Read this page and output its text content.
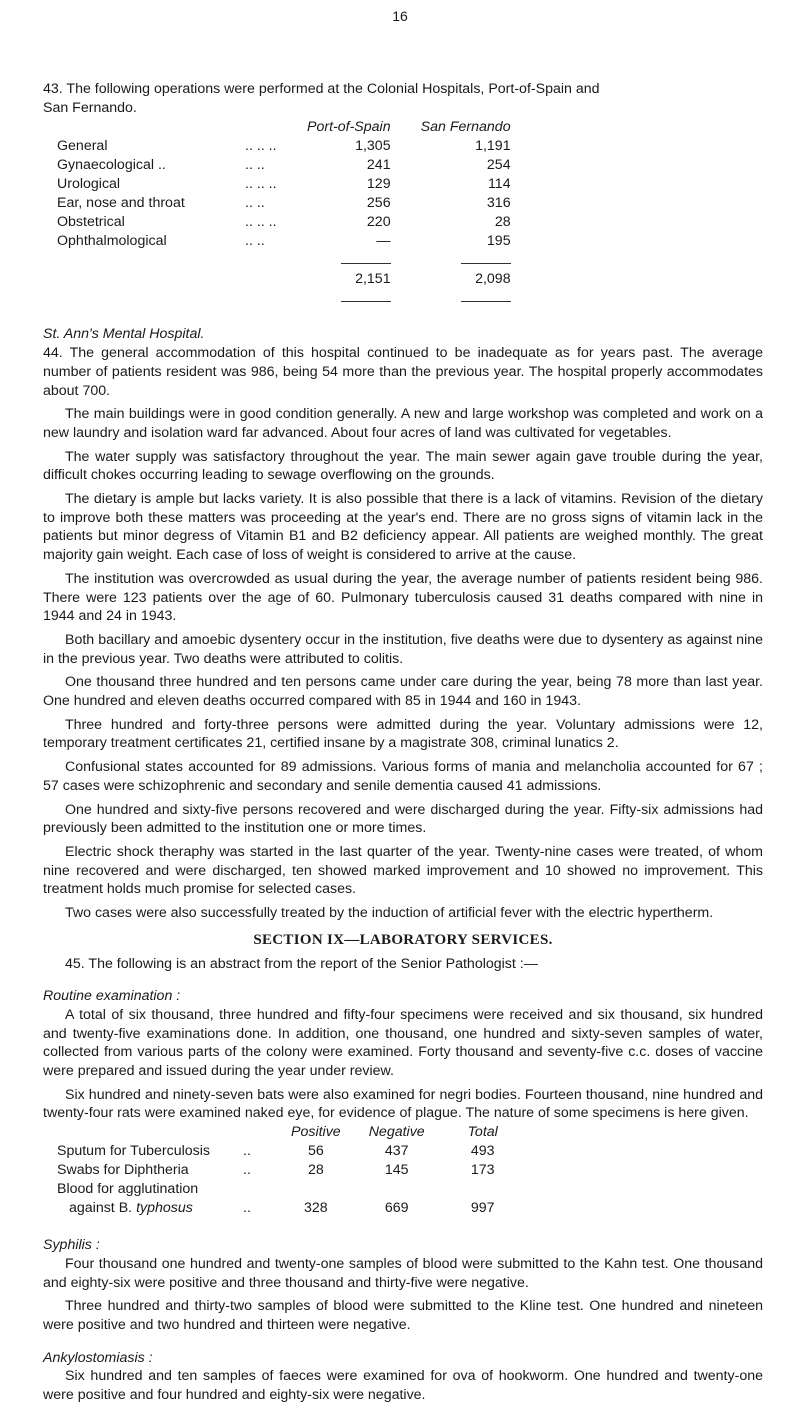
16

43. The following operations were performed at the Colonial Hospitals, Port-of-Spain and
San Fernando.

		Port-of-Spain	San Fernando
General	.. .. ..	1,305	1,191
Gynaecological ..	.. ..	241	254
Urological	.. .. ..	129	114
Ear, nose and throat	.. ..	256	316
Obstetrical	.. .. ..	220	28
Ophthalmological	.. ..	—	195

		2,151	2,098

St. Ann's Mental Hospital.

44. The general accommodation of this hospital continued to be inadequate as for years past. The average number of patients resident was 986, being 54 more than the previous year. The hospital properly accommodates about 700.

The main buildings were in good condition generally. A new and large workshop was completed and work on a new laundry and isolation ward far advanced. About four acres of land was cultivated for vegetables.

The water supply was satisfactory throughout the year. The main sewer again gave trouble during the year, difficult chokes occurring leading to sewage overflowing on the grounds.

The dietary is ample but lacks variety. It is also possible that there is a lack of vitamins. Revision of the dietary to improve both these matters was proceeding at the year's end. There are no gross signs of vitamin lack in the patients but minor degress of Vitamin B1 and B2 deficiency appear. All patients are weighed monthly. The great majority gain weight. Each case of loss of weight is considered to arrive at the cause.

The institution was overcrowded as usual during the year, the average number of patients resident being 986. There were 123 patients over the age of 60. Pulmonary tuberculosis caused 31 deaths compared with nine in 1944 and 24 in 1943.

Both bacillary and amoebic dysentery occur in the institution, five deaths were due to dysentery as against nine in the previous year. Two deaths were attributed to colitis.

One thousand three hundred and ten persons came under care during the year, being 78 more than last year. One hundred and eleven deaths occurred compared with 85 in 1944 and 160 in 1943.

Three hundred and forty-three persons were admitted during the year. Voluntary admissions were 12, temporary treatment certificates 21, certified insane by a magistrate 308, criminal lunatics 2.

Confusional states accounted for 89 admissions. Various forms of mania and melancholia accounted for 67 ; 57 cases were schizophrenic and secondary and senile dementia caused 41 admissions.

One hundred and sixty-five persons recovered and were discharged during the year. Fifty-six admissions had previously been admitted to the institution one or more times.

Electric shock theraphy was started in the last quarter of the year. Twenty-nine cases were treated, of whom nine recovered and were discharged, ten showed marked improvement and 10 showed no improvement. This treatment holds much promise for selected cases.

Two cases were also successfully treated by the induction of artificial fever with the electric hypertherm.

SECTION IX—LABORATORY SERVICES.

45. The following is an abstract from the report of the Senior Pathologist :—

Routine examination :

A total of six thousand, three hundred and fifty-four specimens were received and six thousand, six hundred and twenty-five examinations done. In addition, one thousand, one hundred and sixty-seven samples of water, collected from various parts of the colony were examined. Forty thousand and seventy-five c.c. doses of vaccine were prepared and issued during the year under review.

Six hundred and ninety-seven bats were also examined for negri bodies. Fourteen thousand, nine hundred and twenty-four rats were examined naked eye, for evidence of plague. The nature of some specimens is here given.

		Positive	Negative	Total
Sputum for Tuberculosis	..	56	437	493
Swabs for Diphtheria	..	28	145	173
Blood for agglutination
against B. typhosus	..	328	669	997

Syphilis :

Four thousand one hundred and twenty-one samples of blood were submitted to the Kahn test. One thousand and eighty-six were positive and three thousand and thirty-five were negative.

Three hundred and thirty-two samples of blood were submitted to the Kline test. One hundred and nineteen were positive and two hundred and thirteen were negative.

Ankylostomiasis :

Six hundred and ten samples of faeces were examined for ova of hookworm. One hundred and twenty-one were positive and four hundred and eighty-six were negative.
